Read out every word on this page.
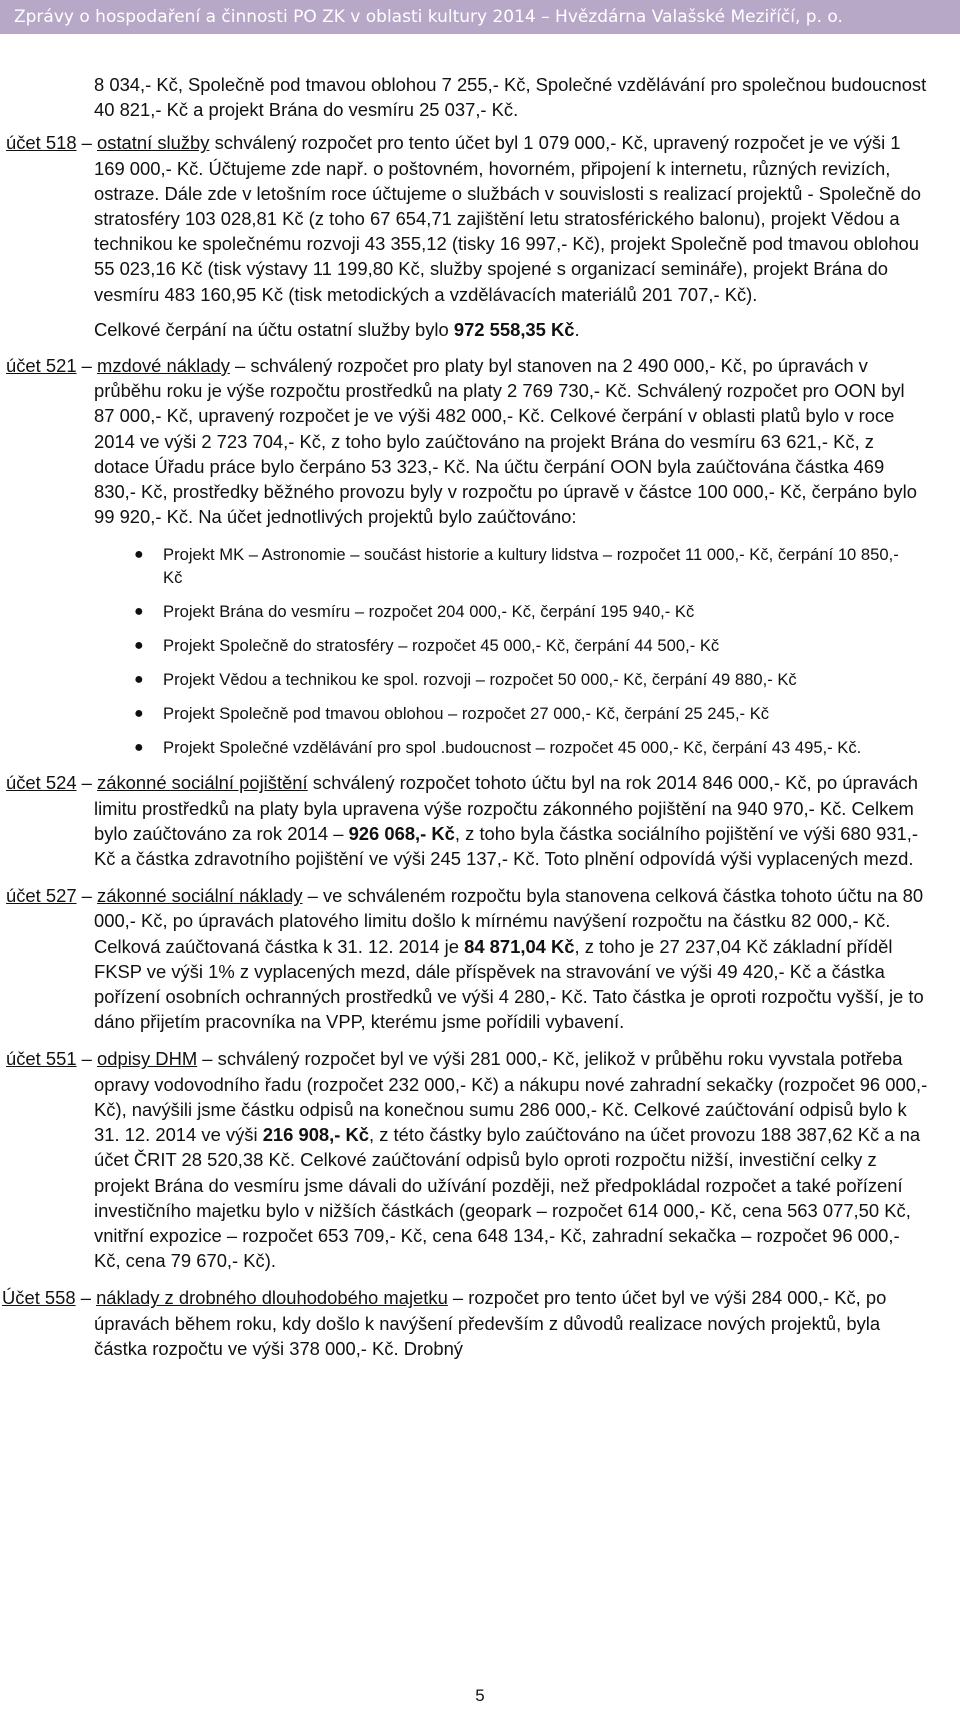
Zprávy o hospodaření a činnosti PO ZK v oblasti kultury 2014 – Hvězdárna Valašské Meziříčí, p. o.

8 034,- Kč, Společně pod tmavou oblohou 7 255,- Kč, Společné vzdělávání pro společnou budoucnost 40 821,- Kč a projekt Brána do vesmíru 25 037,- Kč.

účet 518 – ostatní služby schválený rozpočet pro tento účet byl 1 079 000,- Kč, upravený rozpočet je ve výši 1 169 000,- Kč. Účtujeme zde např. o poštovném, hovorném, připojení k internetu, různých revizích, ostraze. Dále zde v letošním roce účtujeme o službách v souvislosti s realizací projektů - Společně do stratosféry 103 028,81 Kč (z toho 67 654,71 zajištění letu stratosférického balonu), projekt Vědou a technikou ke společnému rozvoji 43 355,12 (tisky 16 997,- Kč), projekt Společně pod tmavou oblohou 55 023,16 Kč (tisk výstavy 11 199,80 Kč, služby spojené s organizací semináře), projekt Brána do vesmíru 483 160,95 Kč (tisk metodických a vzdělávacích materiálů 201 707,- Kč).

Celkové čerpání na účtu ostatní služby bylo 972 558,35 Kč.

účet 521 – mzdové náklady – schválený rozpočet pro platy byl stanoven na 2 490 000,- Kč, po úpravách v průběhu roku je výše rozpočtu prostředků na platy 2 769 730,- Kč. Schválený rozpočet pro OON byl 87 000,- Kč, upravený rozpočet je ve výši 482 000,- Kč. Celkové čerpání v oblasti platů bylo v roce 2014 ve výši 2 723 704,- Kč, z toho bylo zaúčtováno na projekt Brána do vesmíru 63 621,- Kč, z dotace Úřadu práce bylo čerpáno 53 323,- Kč. Na účtu čerpání OON byla zaúčtována částka 469 830,- Kč, prostředky běžného provozu byly v rozpočtu po úpravě v částce 100 000,- Kč, čerpáno bylo 99 920,- Kč. Na účet jednotlivých projektů bylo zaúčtováno:

● Projekt MK – Astronomie – součást historie a kultury lidstva – rozpočet 11 000,- Kč, čerpání 10 850,- Kč
● Projekt Brána do vesmíru – rozpočet 204 000,- Kč, čerpání 195 940,- Kč
● Projekt Společně do stratosféry – rozpočet 45 000,- Kč, čerpání 44 500,- Kč
● Projekt Vědou a technikou ke spol. rozvoji – rozpočet 50 000,- Kč, čerpání 49 880,- Kč
● Projekt Společně pod tmavou oblohou – rozpočet 27 000,- Kč, čerpání 25 245,- Kč
● Projekt Společné vzdělávání pro spol .budoucnost – rozpočet 45 000,- Kč, čerpání 43 495,- Kč.

účet 524 – zákonné sociální pojištění schválený rozpočet tohoto účtu byl na rok 2014 846 000,- Kč, po úpravách limitu prostředků na platy byla upravena výše rozpočtu zákonného pojištění na 940 970,- Kč. Celkem bylo zaúčtováno za rok 2014 – 926 068,- Kč, z toho byla částka sociálního pojištění ve výši 680 931,- Kč a částka zdravotního pojištění ve výši 245 137,- Kč. Toto plnění odpovídá výši vyplacených mezd.

účet 527 – zákonné sociální náklady – ve schváleném rozpočtu byla stanovena celková částka tohoto účtu na 80 000,- Kč, po úpravách platového limitu došlo k mírnému navýšení rozpočtu na částku 82 000,- Kč. Celková zaúčtovaná částka k 31. 12. 2014 je 84 871,04 Kč, z toho je 27 237,04 Kč základní příděl FKSP ve výši 1% z vyplacených mezd, dále příspěvek na stravování ve výši 49 420,- Kč a částka pořízení osobních ochranných prostředků ve výši 4 280,- Kč. Tato částka je oproti rozpočtu vyšší, je to dáno přijetím pracovníka na VPP, kterému jsme pořídili vybavení.

účet 551 – odpisy DHM – schválený rozpočet byl ve výši 281 000,- Kč, jelikož v průběhu roku vyvstala potřeba opravy vodovodního řadu (rozpočet 232 000,- Kč) a nákupu nové zahradní sekačky (rozpočet 96 000,- Kč), navýšili jsme částku odpisů na konečnou sumu 286 000,- Kč. Celkové zaúčtování odpisů bylo k 31. 12. 2014 ve výši 216 908,- Kč, z této částky bylo zaúčtováno na účet provozu 188 387,62 Kč a na účet ČRIT 28 520,38 Kč. Celkové zaúčtování odpisů bylo oproti rozpočtu nižší, investiční celky z projekt Brána do vesmíru jsme dávali do užívání později, než předpokládal rozpočet a také pořízení investičního majetku bylo v nižších částkách (geopark – rozpočet 614 000,- Kč, cena 563 077,50 Kč, vnitřní expozice – rozpočet 653 709,- Kč, cena 648 134,- Kč, zahradní sekačka – rozpočet 96 000,- Kč, cena 79 670,- Kč).

Účet 558 – náklady z drobného dlouhodobého majetku – rozpočet pro tento účet byl ve výši 284 000,- Kč, po úpravách během roku, kdy došlo k navýšení především z důvodů realizace nových projektů, byla částka rozpočtu ve výši 378 000,- Kč. Drobný

5
